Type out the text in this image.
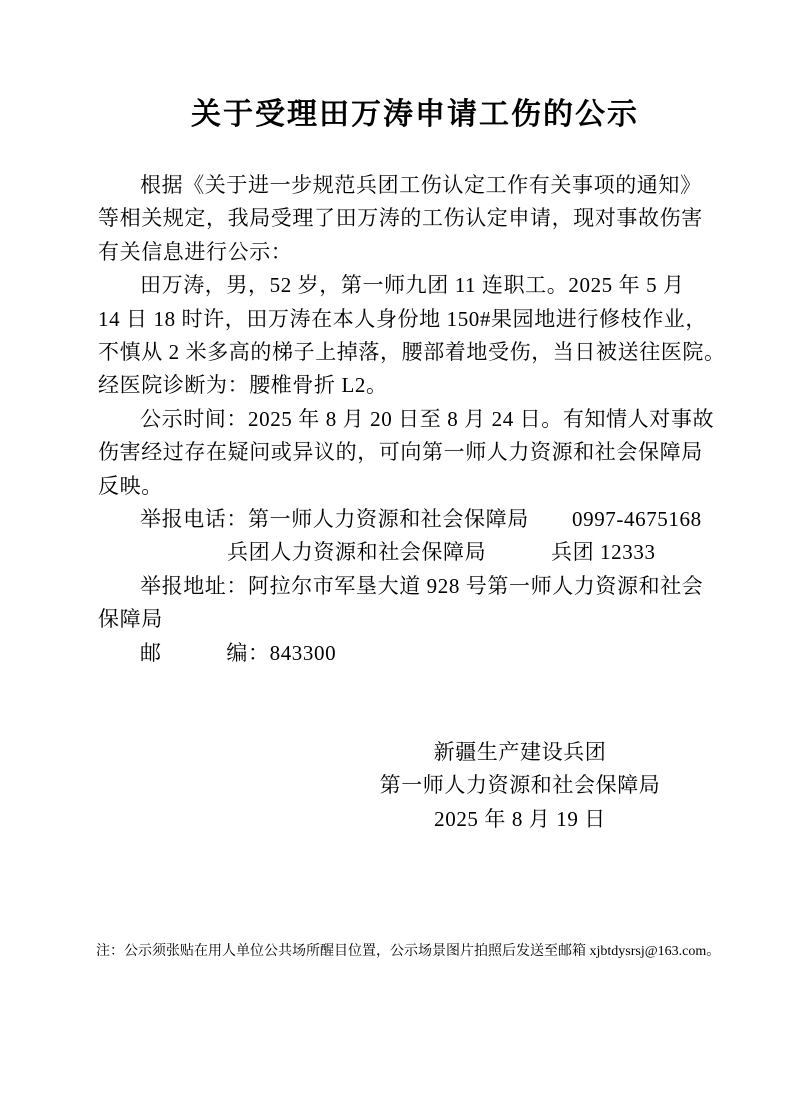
关于受理田万涛申请工伤的公示
根据《关于进一步规范兵团工伤认定工作有关事项的通知》
等相关规定，我局受理了田万涛的工伤认定申请，现对事故伤害
有关信息进行公示：
田万涛，男，52 岁，第一师九团 11 连职工。2025 年 5 月
14 日 18 时许，田万涛在本人身份地 150#果园地进行修枝作业，
不慎从 2 米多高的梯子上掉落，腰部着地受伤，当日被送往医院。
经医院诊断为：腰椎骨折 L2。
公示时间：2025 年 8 月 20 日至 8 月 24 日。有知情人对事故
伤害经过存在疑问或异议的，可向第一师人力资源和社会保障局
反映。
举报电话：第一师人力资源和社会保障局　　0997-4675168
兵团人力资源和社会保障局　　　兵团 12333
举报地址：阿拉尔市军垦大道 928 号第一师人力资源和社会
保障局
邮　　　编：843300
新疆生产建设兵团
第一师人力资源和社会保障局
2025 年 8 月 19 日
注：公示须张贴在用人单位公共场所醒目位置，公示场景图片拍照后发送至邮箱 xjbtdysrsj@163.com。
